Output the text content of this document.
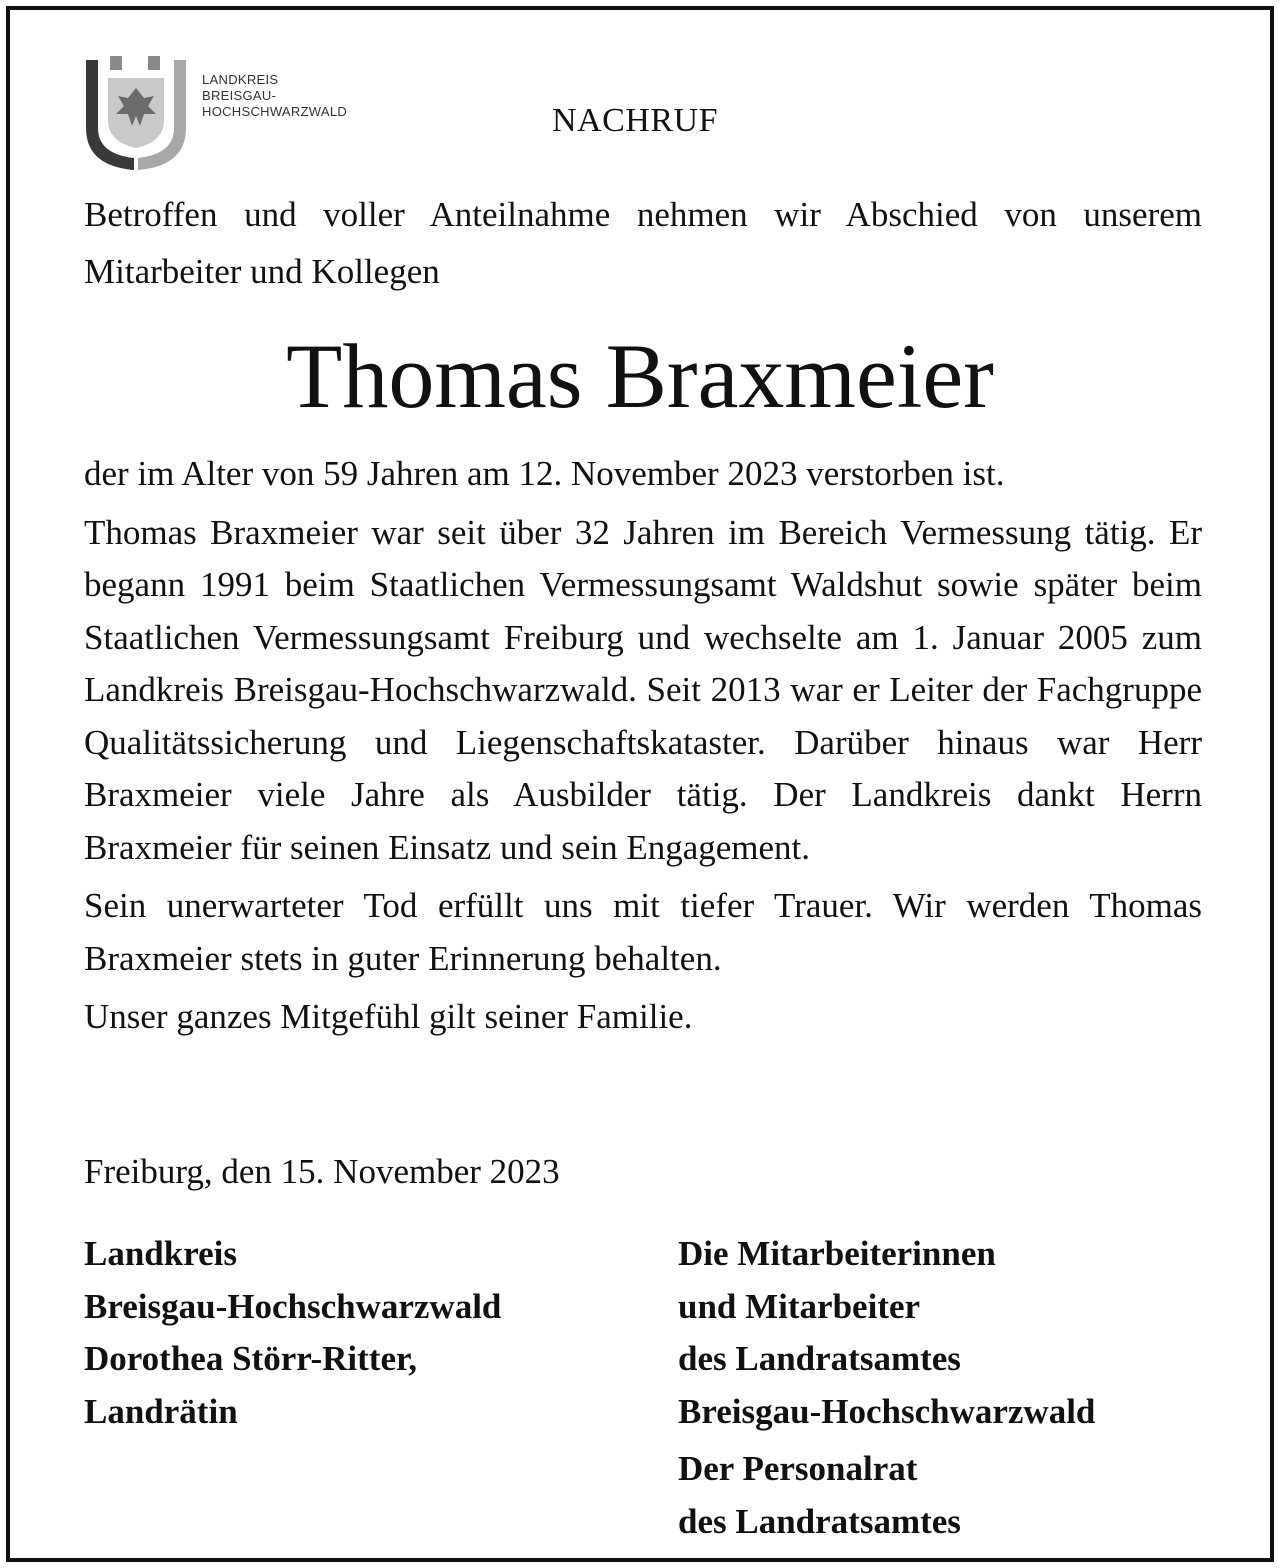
LANDKREIS
BREISGAU-
HOCHSCHWARZWALD	NACHRUF
Betroffen und voller Anteilnahme nehmen wir Abschied von unserem Mitarbeiter und Kollegen
Thomas Braxmeier

der im Alter von 59 Jahren am 12. November 2023 verstorben ist.

Thomas Braxmeier war seit über 32 Jahren im Bereich Vermessung tätig. Er begann 1991 beim Staatlichen Vermessungsamt Waldshut sowie später beim Staatlichen Vermessungsamt Freiburg und wechselte am 1. Januar 2005 zum Landkreis Breisgau-Hochschwarzwald. Seit 2013 war er Leiter der Fachgruppe Qualitätssicherung und Liegenschaftskataster. Darüber hinaus war Herr Braxmeier viele Jahre als Ausbilder tätig. Der Landkreis dankt Herrn Braxmeier für seinen Einsatz und sein Engagement.

Sein unerwarteter Tod erfüllt uns mit tiefer Trauer. Wir werden Thomas Braxmeier stets in guter Erinnerung behalten.

Unser ganzes Mitgefühl gilt seiner Familie.

Freiburg, den 15. November 2023
Landkreis
Breisgau-Hochschwarzwald
Dorothea Störr-Ritter,
Landrätin
Die Mitarbeiterinnen
und Mitarbeiter
des Landratsamtes
Breisgau-Hochschwarzwald
Der Personalrat
des Landratsamtes
